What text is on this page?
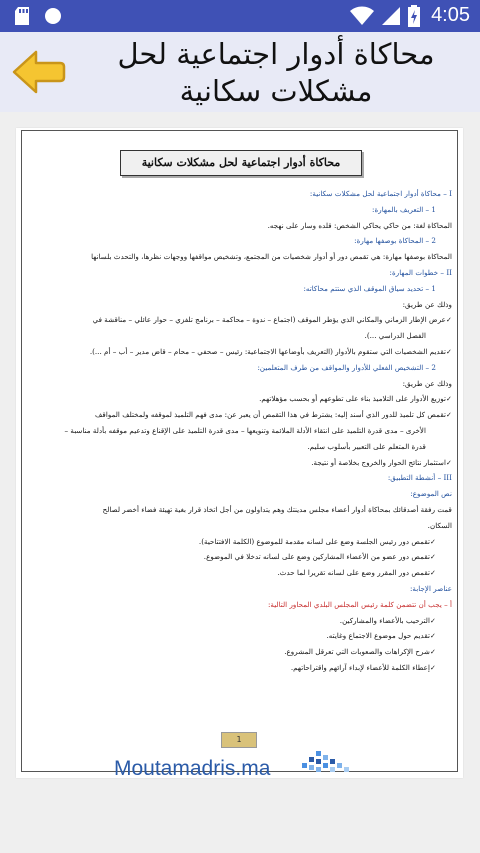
4:05
محاكاة أدوار اجتماعية لحل مشكلات سكانية
محاكاة أدوار اجتماعية لحل مشكلات سكانية
I – محاكاة أدوار اجتماعية لحل مشكلات سكانية:
1 – التعريف بالمهارة:
المحاكاة لغة: من حاكي يحاكي الشخص: قلده وسار على نهجه.
2 – المحاكاة بوصفها مهارة:
المحاكاة بوصفها مهارة: هي تقمص دور أو أدوار شخصيات من المجتمع، وتشخيص مواقفها ووجهات نظرها، والتحدث بلسانها
II – خطوات المهارة:
1 – تحديد سياق الموقف الذي ستتم محاكاته:
وذلك عن طريق:
✓ عرض الإطار الزماني والمكاني الذي يؤطر الموقف (اجتماع – ندوة – محاكمة – برنامج تلفزي – حوار عائلي – مناقشة في
الفصل الدراسي ...).
✓ تقديم الشخصيات التي ستقوم بالأدوار (التعريف بأوضاعها الاجتماعية: رئيس – صحفي – محام – قاض مدير – أب – أم ...).
2 – التشخيص الفعلي للأدوار والمواقف من طرف المتعلمين:
وذلك عن طريق:
✓ توزيع الأدوار على التلاميذ بناء على تطوعهم أو بحسب مؤهلاتهم.
✓ تقمص كل تلميذ للدور الذي أسند إليه: يشترط في هذا التقمص أن يعبر عن: مدى فهم التلميذ لموقفه ولمختلف المواقف
الأخرى – مدى قدرة التلميذ على انتقاء الأدلة الملائمة وتنويعها – مدى قدرة التلميذ على الإقناع وتدعيم موقفه بأدلة مناسبة –
قدرة المتعلم على التعبير بأسلوب سليم.
✓ استثمار نتائج الحوار والخروج بخلاصة أو نتيجة.
III – أنشطة التطبيق:
نص الموضوع:
قمت رفقة أصدقائك بمحاكاة أدوار أعضاء مجلس مدينتك وهم يتداولون من أجل اتخاذ قرار بغية تهيئة فضاء أخضر لصالح
السكان.
✓ تقمص دور رئيس الجلسة وضع على لسانه مقدمة للموضوع (الكلمة الافتتاحية).
✓ تقمص دور عضو من الأعضاء المشاركين وضع على لسانه تدخلا في الموضوع.
✓ تقمص دور المقرر وضع على لسانه تقريرا لما حدث.
عناصر الإجابة:
أ – يجب أن تتضمن كلمة رئيس المجلس البلدي المحاور التالية:
✓ الترحيب بالأعضاء والمشاركين.
✓ تقديم حول موضوع الاجتماع وغايته.
✓ شرح الإكراهات والصعوبات التي تعرقل المشروع.
✓ إعطاء الكلمة للأعضاء لإبداء آرائهم واقتراحاتهم.
1
Moutamadris.ma
